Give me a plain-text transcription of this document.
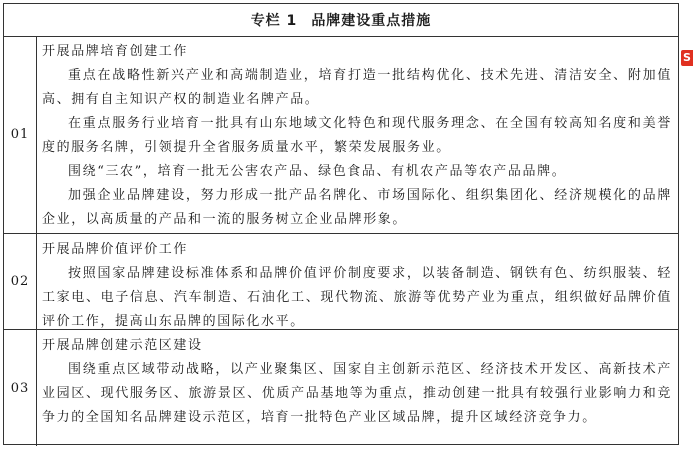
专栏 1 品牌建设重点措施
01

开展品牌培育创建工作

重点在战略性新兴产业和高端制造业，培育打造一批结构优化、技术先进、清洁安全、附加值高、拥有自主知识产权的制造业名牌产品。

在重点服务行业培育一批具有山东地域文化特色和现代服务理念、在全国有较高知名度和美誉度的服务名牌，引领提升全省服务质量水平，繁荣发展服务业。

围绕“三农”，培育一批无公害农产品、绿色食品、有机农产品等农产品品牌。

加强企业品牌建设，努力形成一批产品名牌化、市场国际化、组织集团化、经济规模化的品牌企业，以高质量的产品和一流的服务树立企业品牌形象。

02

开展品牌价值评价工作

按照国家品牌建设标准体系和品牌价值评价制度要求，以装备制造、钢铁有色、纺织服装、轻工家电、电子信息、汽车制造、石油化工、现代物流、旅游等优势产业为重点，组织做好品牌价值评价工作，提高山东品牌的国际化水平。

03

开展品牌创建示范区建设

围绕重点区域带动战略，以产业聚集区、国家自主创新示范区、经济技术开发区、高新技术产业园区、现代服务区、旅游景区、优质产品基地等为重点，推动创建一批具有较强行业影响力和竞争力的全国知名品牌建设示范区，培育一批特色产业区域品牌，提升区域经济竞争力。

S
